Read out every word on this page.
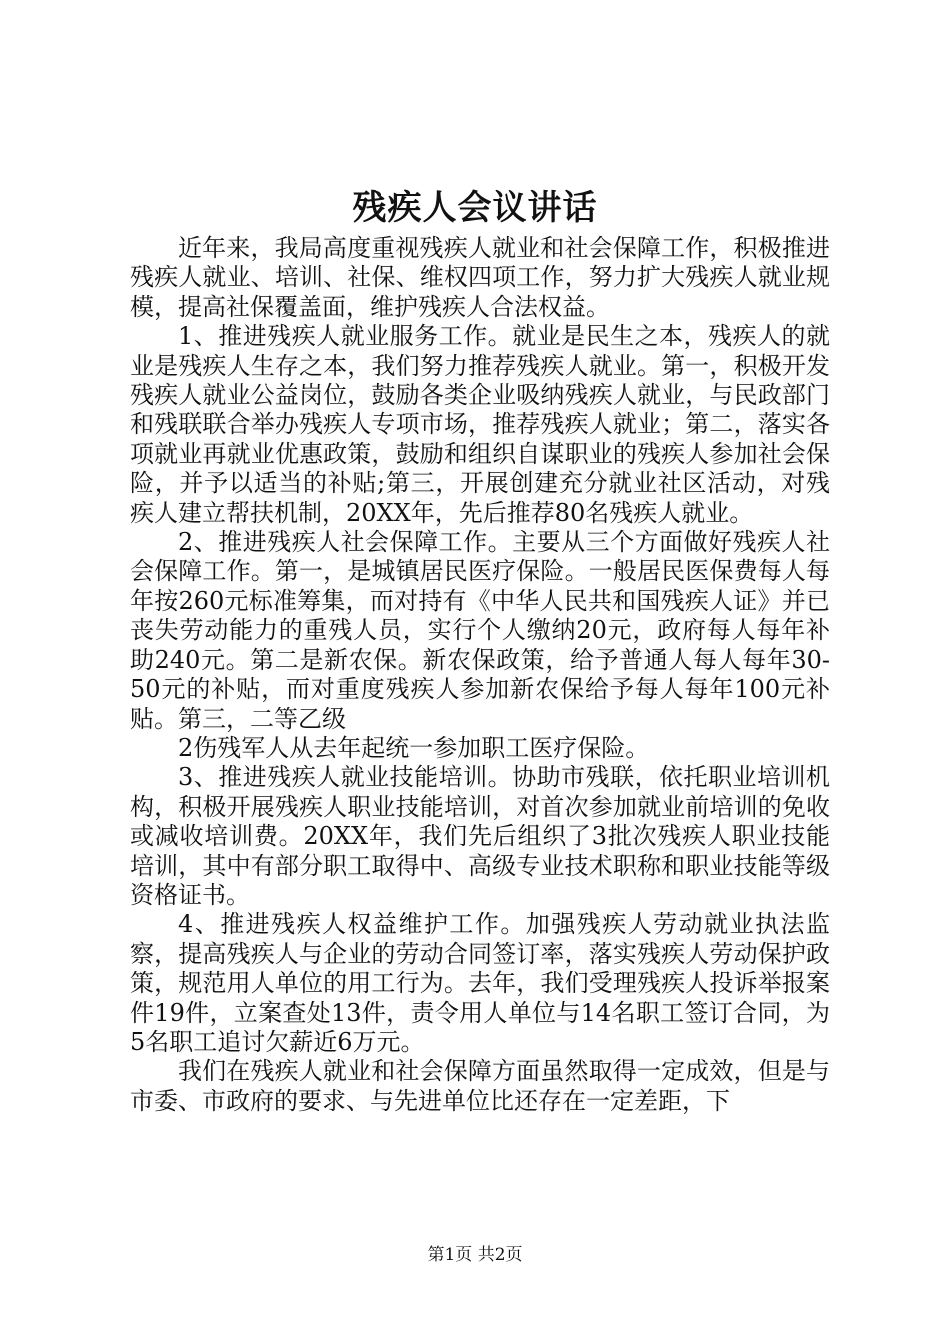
残疾人会议讲话

近年来，我局高度重视残疾人就业和社会保障工作，积极推进残疾人就业、培训、社保、维权四项工作，努力扩大残疾人就业规模，提高社保覆盖面，维护残疾人合法权益。

1、推进残疾人就业服务工作。就业是民生之本，残疾人的就业是残疾人生存之本，我们努力推荐残疾人就业。第一，积极开发残疾人就业公益岗位，鼓励各类企业吸纳残疾人就业，与民政部门和残联联合举办残疾人专项市场，推荐残疾人就业；第二，落实各项就业再就业优惠政策，鼓励和组织自谋职业的残疾人参加社会保险，并予以适当的补贴;第三，开展创建充分就业社区活动，对残疾人建立帮扶机制，20XX年，先后推荐80名残疾人就业。

2、推进残疾人社会保障工作。主要从三个方面做好残疾人社会保障工作。第一，是城镇居民医疗保险。一般居民医保费每人每年按260元标准筹集，而对持有《中华人民共和国残疾人证》并已丧失劳动能力的重残人员，实行个人缴纳20元，政府每人每年补助240元。第二是新农保。新农保政策，给予普通人每人每年30-50元的补贴，而对重度残疾人参加新农保给予每人每年100元补贴。第三，二等乙级

2伤残军人从去年起统一参加职工医疗保险。

3、推进残疾人就业技能培训。协助市残联，依托职业培训机构，积极开展残疾人职业技能培训，对首次参加就业前培训的免收或减收培训费。20XX年，我们先后组织了3批次残疾人职业技能培训，其中有部分职工取得中、高级专业技术职称和职业技能等级资格证书。

4、推进残疾人权益维护工作。加强残疾人劳动就业执法监察，提高残疾人与企业的劳动合同签订率，落实残疾人劳动保护政策，规范用人单位的用工行为。去年，我们受理残疾人投诉举报案件19件，立案查处13件，责令用人单位与14名职工签订合同，为5名职工追讨欠薪近6万元。

我们在残疾人就业和社会保障方面虽然取得一定成效，但是与市委、市政府的要求、与先进单位比还存在一定差距，下

第1页 共2页
